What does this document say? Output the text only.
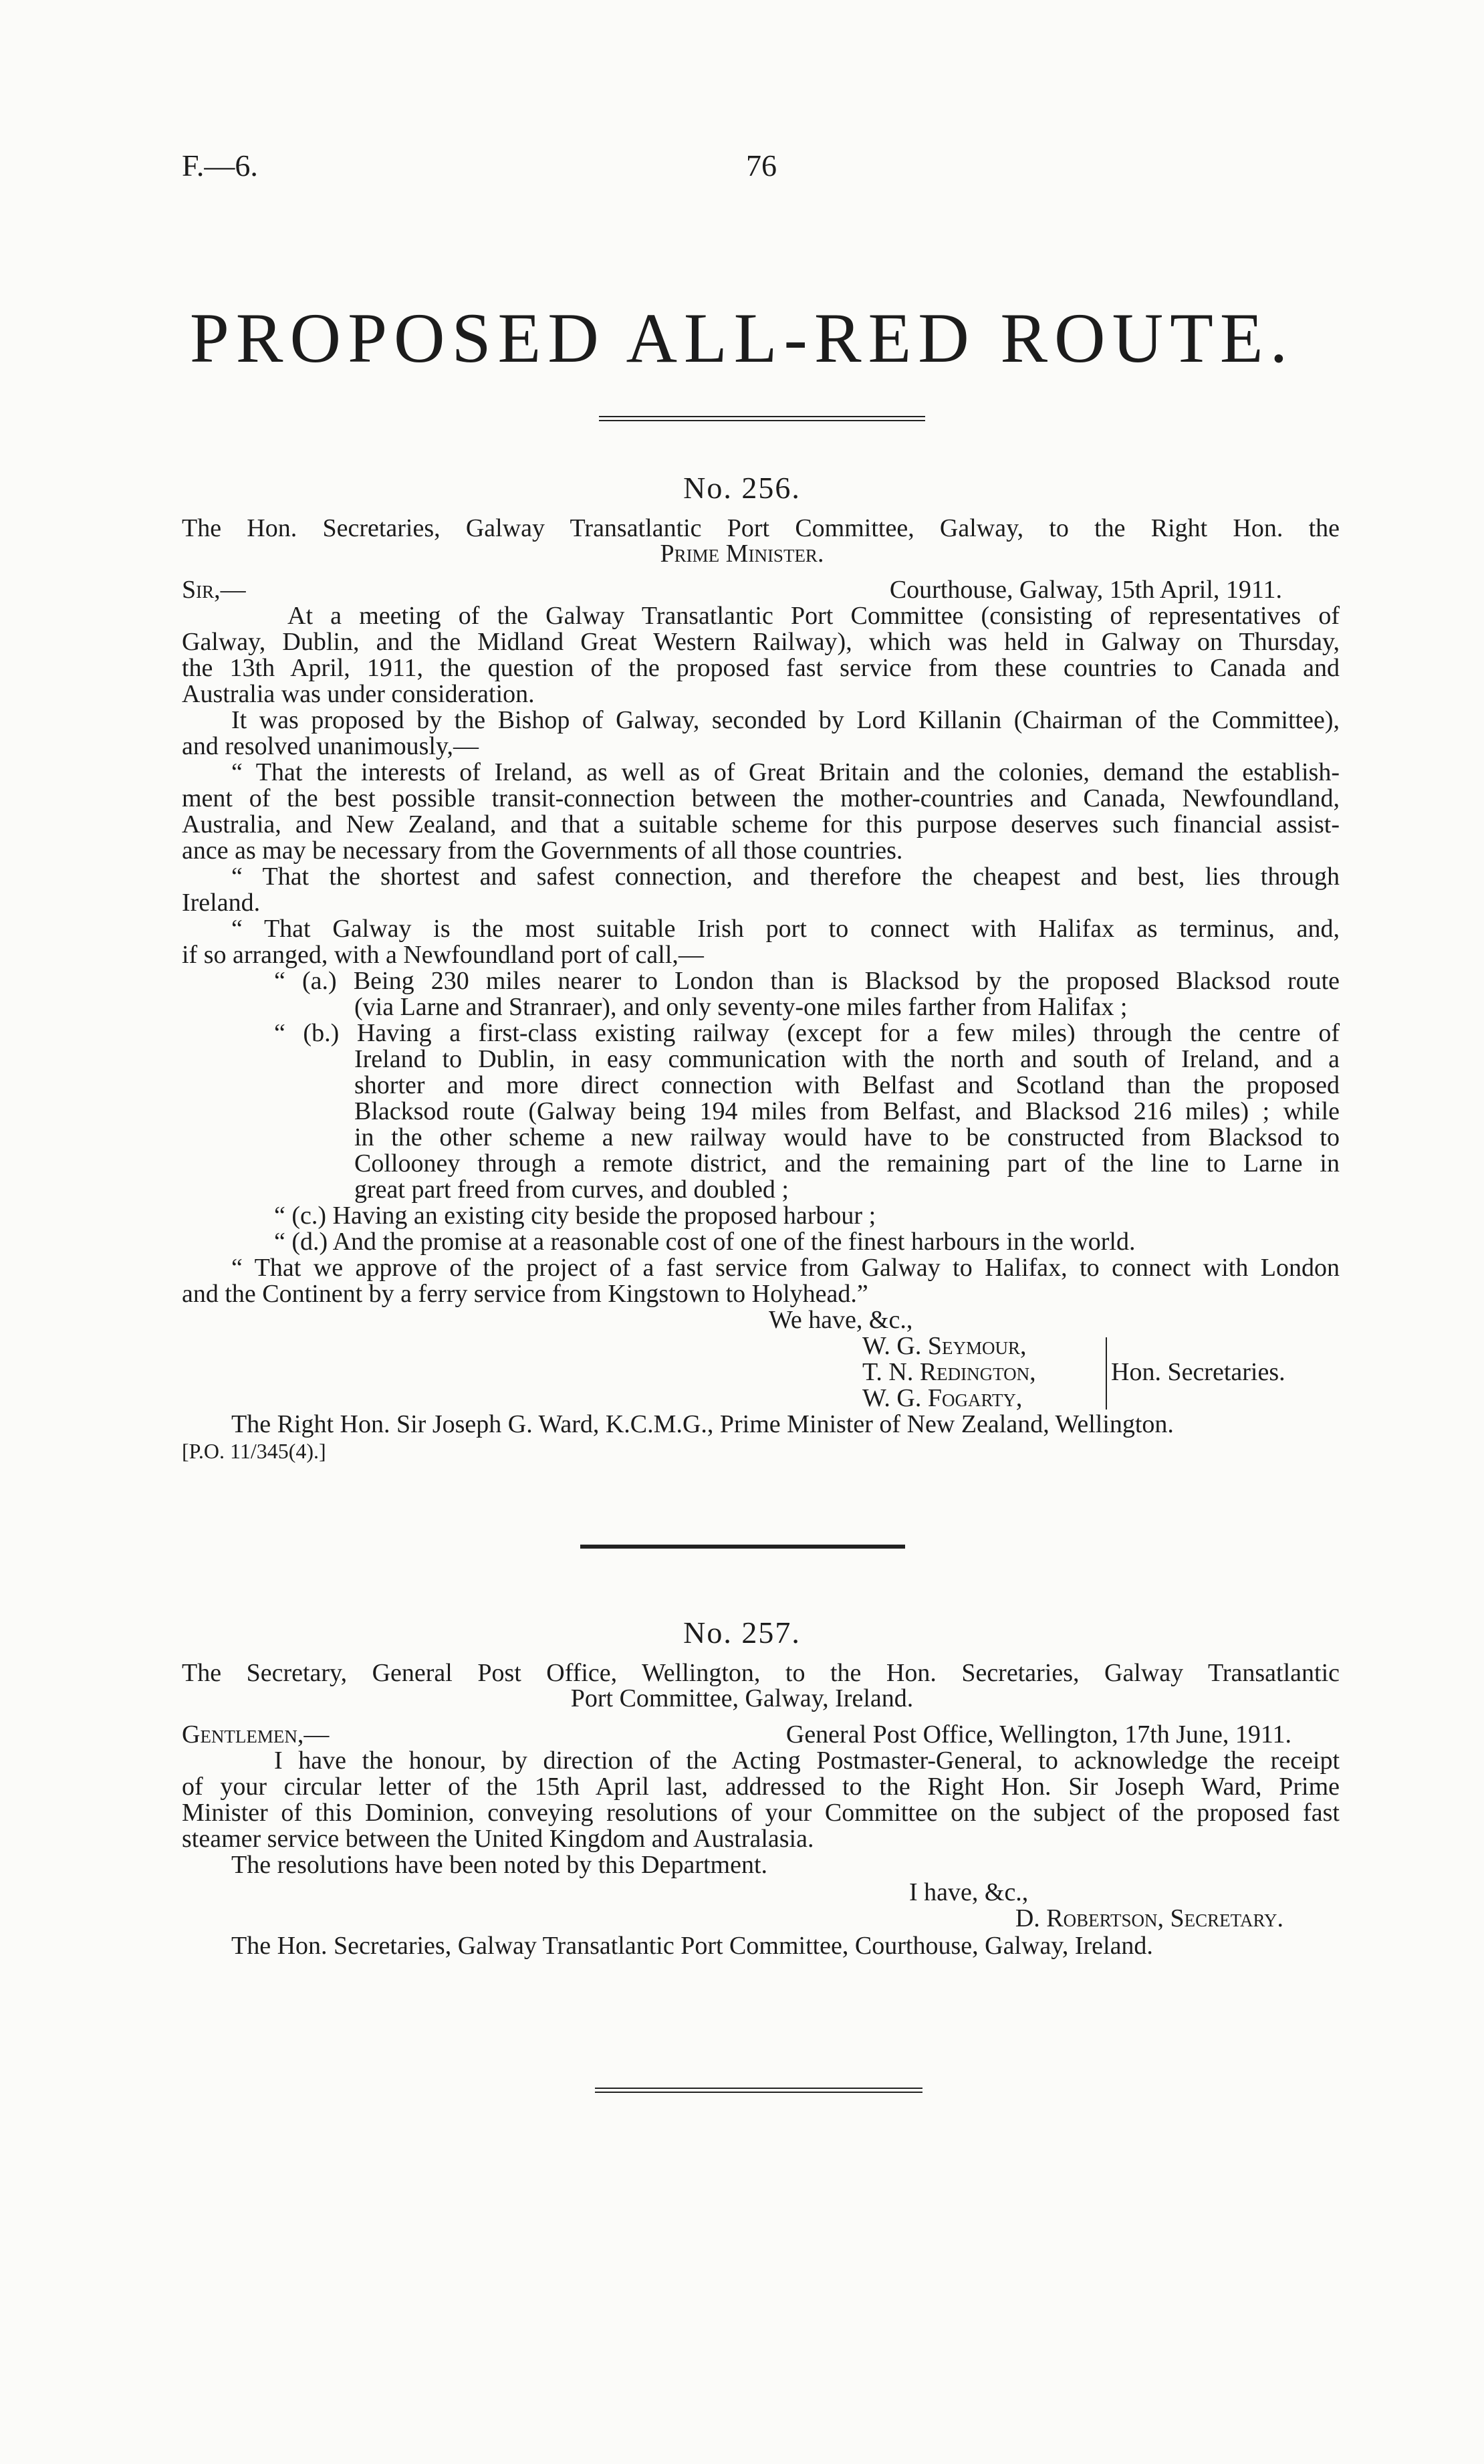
F.—6.	76
PROPOSED ALL-RED ROUTE.
No. 256.
The Hon. Secretaries, Galway Transatlantic Port Committee, Galway, to the Right Hon. the
Prime Minister.
Sir,—	Courthouse, Galway, 15th April, 1911.
At a meeting of the Galway Transatlantic Port Committee (consisting of representatives of
Galway, Dublin, and the Midland Great Western Railway), which was held in Galway on Thursday,
the 13th April, 1911, the question of the proposed fast service from these countries to Canada and
Australia was under consideration.
It was proposed by the Bishop of Galway, seconded by Lord Killanin (Chairman of the Committee),
and resolved unanimously,—
“ That the interests of Ireland, as well as of Great Britain and the colonies, demand the establish-
ment of the best possible transit-connection between the mother-countries and Canada, Newfoundland,
Australia, and New Zealand, and that a suitable scheme for this purpose deserves such financial assist-
ance as may be necessary from the Governments of all those countries.
“ That the shortest and safest connection, and therefore the cheapest and best, lies through
Ireland.
“ That Galway is the most suitable Irish port to connect with Halifax as terminus, and,
if so arranged, with a Newfoundland port of call,—
“ (a.) Being 230 miles nearer to London than is Blacksod by the proposed Blacksod route
(via Larne and Stranraer), and only seventy-one miles farther from Halifax ;
“ (b.) Having a first-class existing railway (except for a few miles) through the centre of
Ireland to Dublin, in easy communication with the north and south of Ireland, and a
shorter and more direct connection with Belfast and Scotland than the proposed
Blacksod route (Galway being 194 miles from Belfast, and Blacksod 216 miles) ; while
in the other scheme a new railway would have to be constructed from Blacksod to
Collooney through a remote district, and the remaining part of the line to Larne in
great part freed from curves, and doubled ;
“ (c.) Having an existing city beside the proposed harbour ;
“ (d.) And the promise at a reasonable cost of one of the finest harbours in the world.
“ That we approve of the project of a fast service from Galway to Halifax, to connect with London
and the Continent by a ferry service from Kingstown to Holyhead.”
We have, &c.,
W. G. Seymour,
T. N. Redington,
W. G. Fogarty,
Hon. Secretaries.
The Right Hon. Sir Joseph G. Ward, K.C.M.G., Prime Minister of New Zealand, Wellington.
[P.O. 11/345(4).]
No. 257.
The Secretary, General Post Office, Wellington, to the Hon. Secretaries, Galway Transatlantic
Port Committee, Galway, Ireland.
Gentlemen,—	General Post Office, Wellington, 17th June, 1911.
I have the honour, by direction of the Acting Postmaster-General, to acknowledge the receipt
of your circular letter of the 15th April last, addressed to the Right Hon. Sir Joseph Ward, Prime
Minister of this Dominion, conveying resolutions of your Committee on the subject of the proposed fast
steamer service between the United Kingdom and Australasia.
The resolutions have been noted by this Department.
I have, &c.,
D. Robertson, Secretary.
The Hon. Secretaries, Galway Transatlantic Port Committee, Courthouse, Galway, Ireland.
